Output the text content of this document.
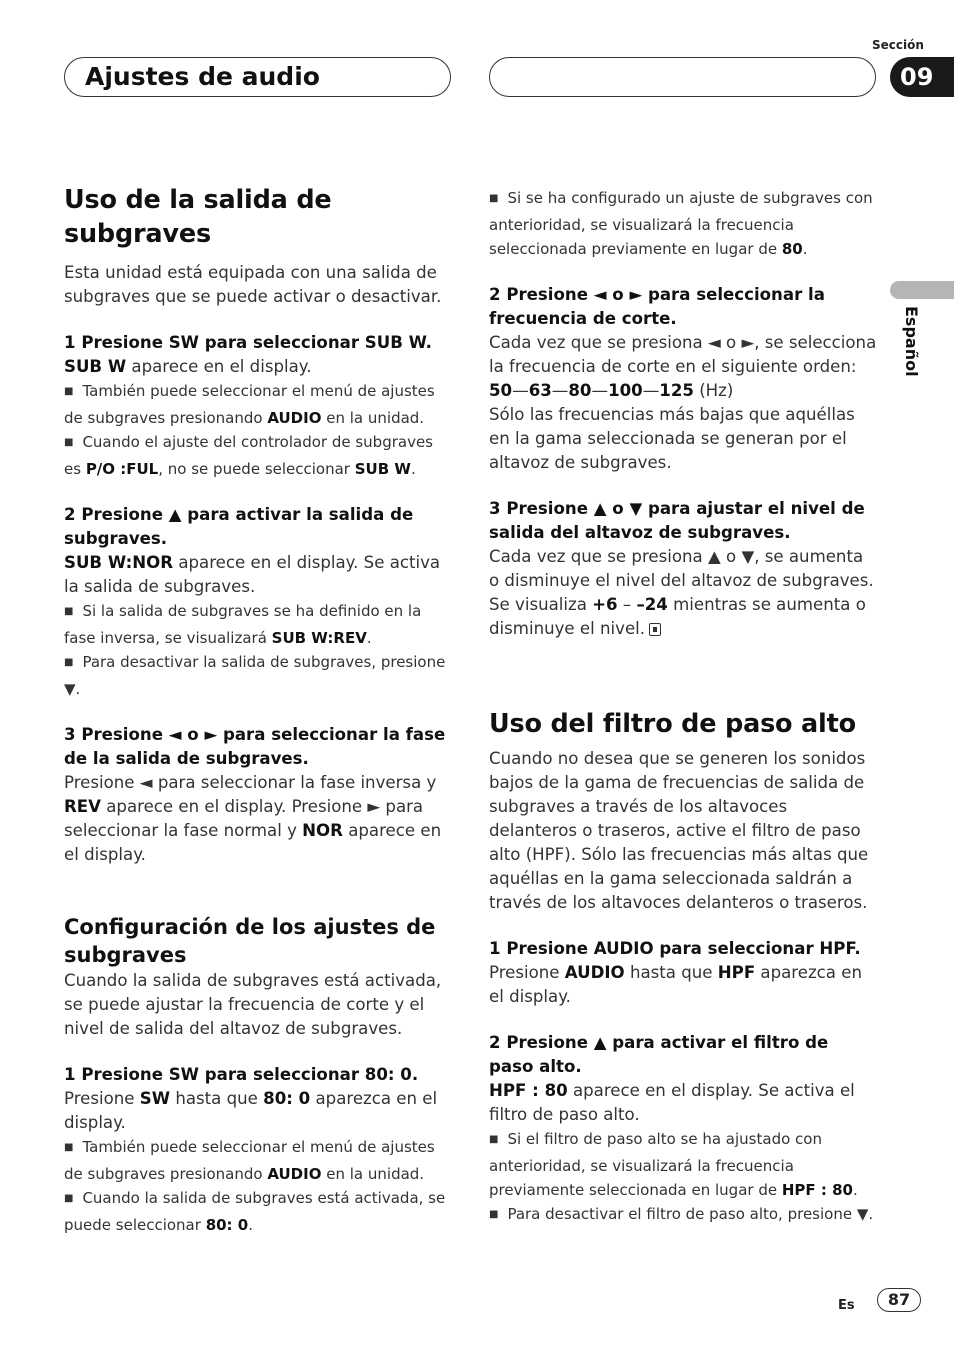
Sección
Ajustes de audio	09
Español
Uso de la salida de subgraves

Esta unidad está equipada con una salida de subgraves que se puede activar o desactivar.

1 Presione SW para seleccionar SUB W.

SUB W aparece en el display.

■ También puede seleccionar el menú de ajustes de subgraves presionando AUDIO en la unidad.

■ Cuando el ajuste del controlador de subgraves es P/O :FUL, no se puede seleccionar SUB W.

2 Presione ▲ para activar la salida de subgraves.

SUB W:NOR aparece en el display. Se activa la salida de subgraves.

■ Si la salida de subgraves se ha definido en la fase inversa, se visualizará SUB W:REV.

■ Para desactivar la salida de subgraves, presione ▼.

3 Presione ◄ o ► para seleccionar la fase de la salida de subgraves.

Presione ◄ para seleccionar la fase inversa y REV aparece en el display. Presione ► para seleccionar la fase normal y NOR aparece en el display.

Configuración de los ajustes de subgraves

Cuando la salida de subgraves está activada, se puede ajustar la frecuencia de corte y el nivel de salida del altavoz de subgraves.

1 Presione SW para seleccionar 80: 0.

Presione SW hasta que 80: 0 aparezca en el display.

■ También puede seleccionar el menú de ajustes de subgraves presionando AUDIO en la unidad.

■ Cuando la salida de subgraves está activada, se puede seleccionar 80: 0.

■ Si se ha configurado un ajuste de subgraves con anterioridad, se visualizará la frecuencia seleccionada previamente en lugar de 80.

2 Presione ◄ o ► para seleccionar la frecuencia de corte.

Cada vez que se presiona ◄ o ►, se selecciona la frecuencia de corte en el siguiente orden:

50—63—80—100—125 (Hz)

Sólo las frecuencias más bajas que aquéllas en la gama seleccionada se generan por el altavoz de subgraves.

3 Presione ▲ o ▼ para ajustar el nivel de salida del altavoz de subgraves.

Cada vez que se presiona ▲ o ▼, se aumenta o disminuye el nivel del altavoz de subgraves. Se visualiza +6 – –24 mientras se aumenta o disminuye el nivel.

Uso del filtro de paso alto

Cuando no desea que se generen los sonidos bajos de la gama de frecuencias de salida de subgraves a través de los altavoces delanteros o traseros, active el filtro de paso alto (HPF). Sólo las frecuencias más altas que aquéllas en la gama seleccionada saldrán a través de los altavoces delanteros o traseros.

1 Presione AUDIO para seleccionar HPF.

Presione AUDIO hasta que HPF aparezca en el display.

2 Presione ▲ para activar el filtro de paso alto.

HPF : 80 aparece en el display. Se activa el filtro de paso alto.

■ Si el filtro de paso alto se ha ajustado con anterioridad, se visualizará la frecuencia previamente seleccionada en lugar de HPF : 80.

■ Para desactivar el filtro de paso alto, presione ▼.

Es	87
